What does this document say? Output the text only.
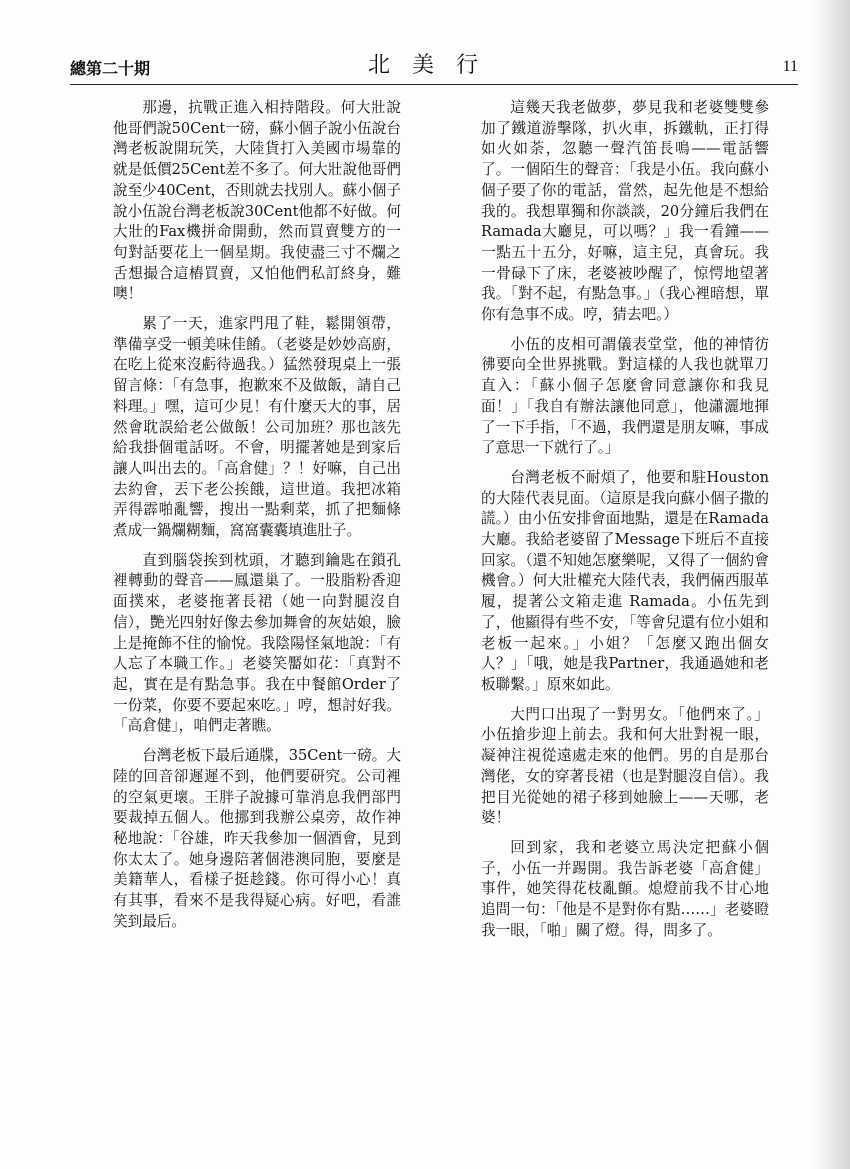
總第二十期	北美行	11

那邊，抗戰正進入相持階段。何大壯說他哥們說50Cent一磅，蘇小個子說小伍說台灣老板說開玩笑，大陸貨打入美國市場靠的就是低價25Cent差不多了。何大壯說他哥們說至少40Cent，否則就去找別人。蘇小個子說小伍說台灣老板說30Cent他都不好做。何大壯的Fax機拼命開動，然而買賣雙方的一句對話要花上一個星期。我使盡三寸不爛之舌想撮合這樁買賣，又怕他們私訂終身，難噢！

累了一天，進家門甩了鞋，鬆開領帶，準備享受一頓美味佳餚。（老婆是妙妙高廚，在吃上從來沒虧待過我。）猛然發現桌上一張留言條：「有急事，抱歉來不及做飯，請自己料理。」嘿，這可少見！有什麼天大的事，居然會耽誤給老公做飯！公司加班？那也該先給我掛個電話呀。不會，明擺著她是到家后讓人叫出去的。「高倉健」？！好嘛，自己出去約會，丟下老公挨餓，這世道。我把冰箱弄得霹啪亂響，搜出一點剩菜，抓了把麵條煮成一鍋爛糊麵，窩窩囊囊填進肚子。

直到腦袋挨到枕頭，才聽到鑰匙在鎖孔裡轉動的聲音——鳳還巢了。一股脂粉香迎面撲來，老婆拖著長裙（她一向對腿沒自信），艷光四射好像去參加舞會的灰姑娘，臉上是掩飾不住的愉悅。我陰陽怪氣地說：「有人忘了本職工作。」老婆笑靨如花：「真對不起，實在是有點急事。我在中餐館Order了一份菜，你要不要起來吃。」哼，想討好我。「高倉健」，咱們走著瞧。

台灣老板下最后通牒，35Cent一磅。大陸的回音卻遲遲不到，他們要研究。公司裡的空氣更壞。王胖子說據可靠消息我們部門要裁掉五個人。他挪到我辦公桌旁，故作神秘地說：「谷雄，昨天我參加一個酒會，見到你太太了。她身邊陪著個港澳同胞，要麼是美籍華人，看樣子挺趁錢。你可得小心！真有其事，看來不是我得疑心病。好吧，看誰笑到最后。

這幾天我老做夢，夢見我和老婆雙雙參加了鐵道游擊隊，扒火車，拆鐵軌，正打得如火如荼，忽聽一聲汽笛長鳴——電話響了。一個陌生的聲音：「我是小伍。我向蘇小個子要了你的電話，當然，起先他是不想給我的。我想單獨和你談談，20分鐘后我們在 Ramada大廳見，可以嗎？」我一看鐘——一點五十五分，好嘛，這主兒，真會玩。我一骨碌下了床，老婆被吵醒了，惊愕地望著我。「對不起，有點急事。」（我心裡暗想，單你有急事不成。哼，猜去吧。）

小伍的皮相可謂儀表堂堂，他的神情彷彿要向全世界挑戰。對這樣的人我也就單刀直入：「蘇小個子怎麼會同意讓你和我見面！」「我自有辦法讓他同意」，他瀟灑地揮了一下手指，「不過，我們還是朋友嘛，事成了意思一下就行了。」

台灣老板不耐煩了，他要和駐Houston的大陸代表見面。（這原是我向蘇小個子撒的謊。）由小伍安排會面地點，還是在Ramada大廳。我給老婆留了Message下班后不直接回家。（還不知她怎麼樂呢，又得了一個約會機會。）何大壯權充大陸代表，我們倆西服革履，提著公文箱走進 Ramada。小伍先到了，他顯得有些不安，「等會兒還有位小姐和老板一起來。」小姐？「怎麼又跑出個女人？」「哦，她是我Partner，我通過她和老板聯繫。」原來如此。

大門口出現了一對男女。「他們來了。」小伍搶步迎上前去。我和何大壯對視一眼，凝神注視從遠處走來的他們。男的自是那台灣佬，女的穿著長裙（也是對腿沒自信）。我把目光從她的裙子移到她臉上——天哪，老婆！

回到家，我和老婆立馬決定把蘇小個子，小伍一并踢開。我告訴老婆「高倉健」事件，她笑得花枝亂顫。熄燈前我不甘心地追問一句：「他是不是對你有點……」老婆瞪我一眼，「啪」關了燈。得，問多了。
